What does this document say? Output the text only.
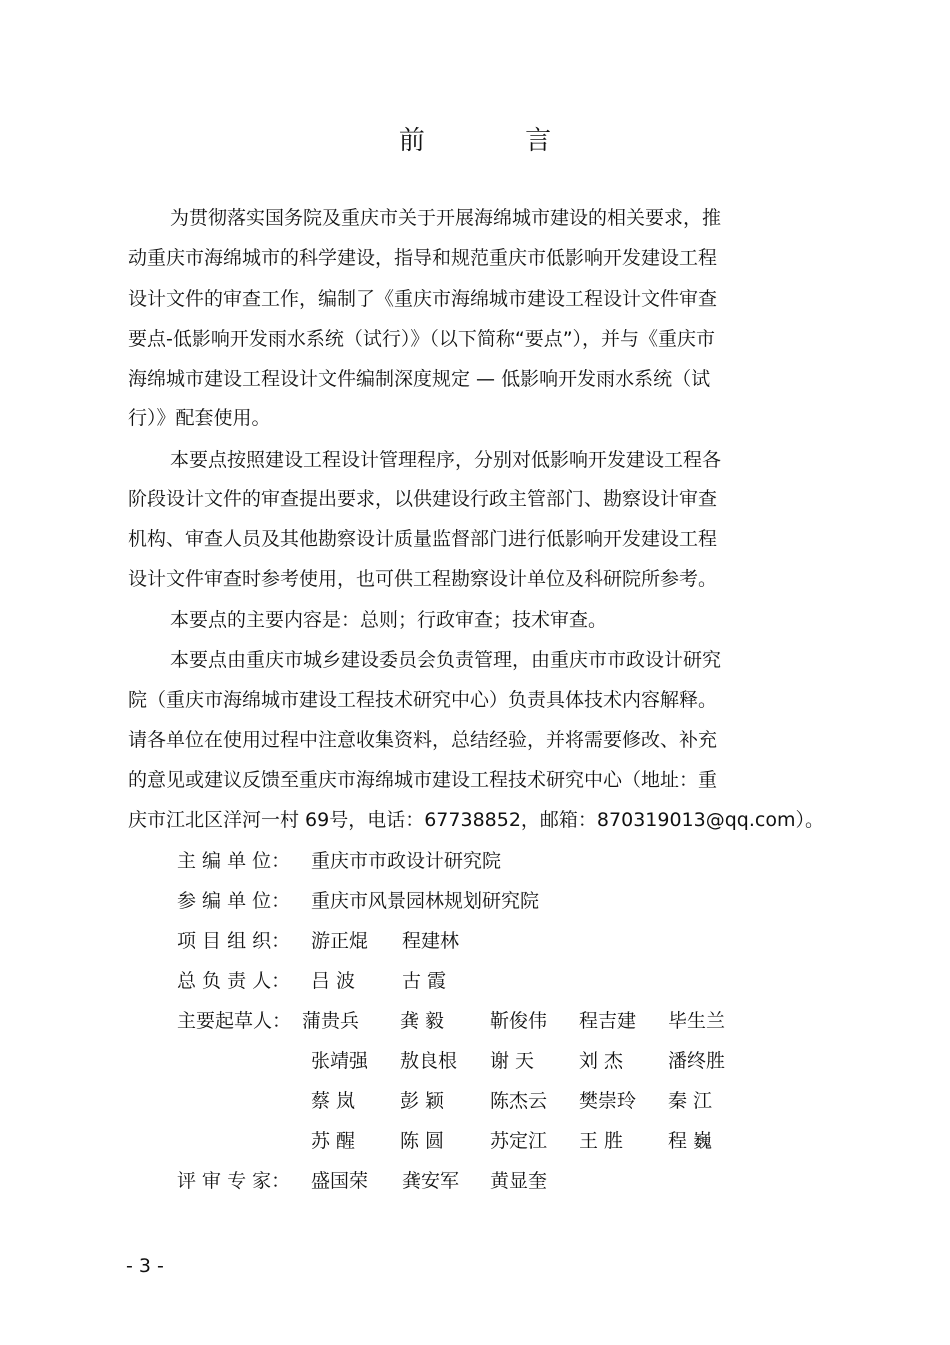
前 言
为贯彻落实国务院及重庆市关于开展海绵城市建设的相关要求，推
动重庆市海绵城市的科学建设，指导和规范重庆市低影响开发建设工程
设计文件的审查工作，编制了《重庆市海绵城市建设工程设计文件审查
要点-低影响开发雨水系统（试行）》（以下简称“要点”），并与《重庆市
海绵城市建设工程设计文件编制深度规定 — 低影响开发雨水系统（试
行）》配套使用。
本要点按照建设工程设计管理程序，分别对低影响开发建设工程各
阶段设计文件的审查提出要求，以供建设行政主管部门、勘察设计审查
机构、审查人员及其他勘察设计质量监督部门进行低影响开发建设工程
设计文件审查时参考使用，也可供工程勘察设计单位及科研院所参考。
本要点的主要内容是：总则；行政审查；技术审查。
本要点由重庆市城乡建设委员会负责管理，由重庆市市政设计研究
院（重庆市海绵城市建设工程技术研究中心）负责具体技术内容解释。
请各单位在使用过程中注意收集资料，总结经验，并将需要修改、补充
的意见或建议反馈至重庆市海绵城市建设工程技术研究中心（地址：重
庆市江北区洋河一村 69号，电话：67738852，邮箱：870319013@qq.com）。
主 编 单 位： 重庆市市政设计研究院
参 编 单 位： 重庆市风景园林规划研究院
项 目 组 织： 游正焜 程建林
总 负 责 人： 吕 波 古 霞
主要起草人： 蒲贵兵 龚 毅 靳俊伟 程吉建 毕生兰
张靖强 敖良根 谢 天 刘 杰 潘终胜
蔡 岚 彭 颖 陈杰云 樊崇玲 秦 江
苏 醒 陈 圆 苏定江 王 胜 程 巍
评 审 专 家： 盛国荣 龚安军 黄显奎
- 3 -
